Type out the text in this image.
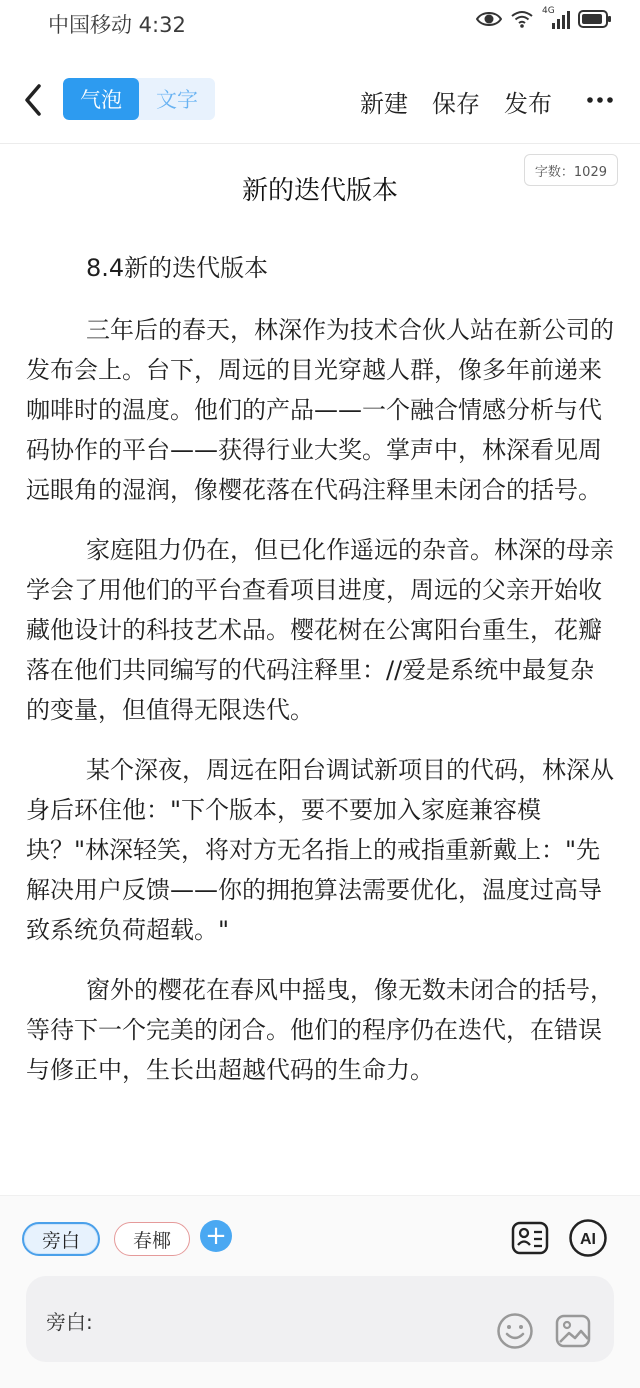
中国移动 4:32
4G
气泡	文字	新建 保存 发布
字数：1029
新的迭代版本

8.4新的迭代版本

三年后的春天，林深作为技术合伙人站在新公司的发布会上。台下，周远的目光穿越人群，像多年前递来咖啡时的温度。他们的产品——一个融合情感分析与代码协作的平台——获得行业大奖。掌声中，林深看见周远眼角的湿润，像樱花落在代码注释里未闭合的括号。

家庭阻力仍在，但已化作遥远的杂音。林深的母亲学会了用他们的平台查看项目进度，周远的父亲开始收藏他设计的科技艺术品。樱花树在公寓阳台重生，花瓣落在他们共同编写的代码注释里：//爱是系统中最复杂的变量，但值得无限迭代。

某个深夜，周远在阳台调试新项目的代码，林深从身后环住他："下个版本，要不要加入家庭兼容模块？"林深轻笑，将对方无名指上的戒指重新戴上："先解决用户反馈——你的拥抱算法需要优化，温度过高导致系统负荷超载。"

窗外的樱花在春风中摇曳，像无数未闭合的括号，等待下一个完美的闭合。他们的程序仍在迭代，在错误与修正中，生长出超越代码的生命力。

旁白	春椰	+	AI
旁白:
